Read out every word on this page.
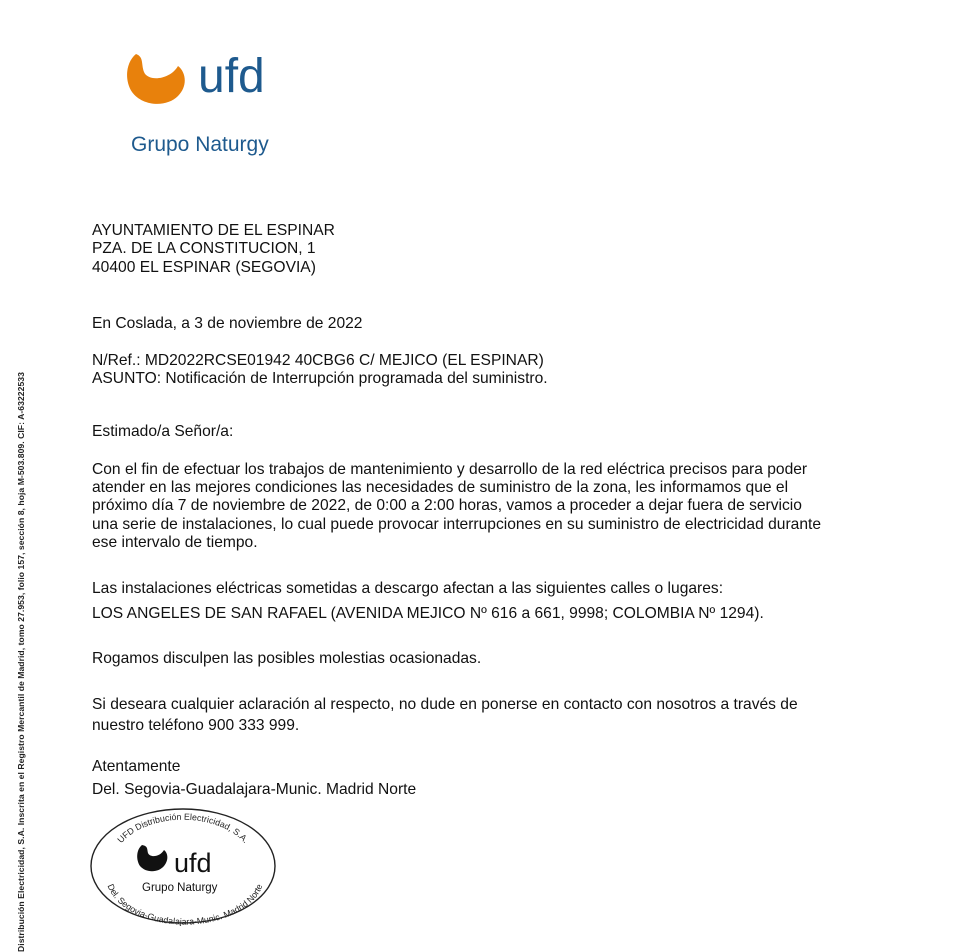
ufd
Grupo Naturgy
Distribución Electricidad, S.A. Inscrita en el Registro Mercantil de Madrid, tomo 27.953, folio 157, sección 8, hoja M-503.809. CIF: A-63222533
AYUNTAMIENTO DE EL ESPINAR
PZA. DE LA CONSTITUCION, 1
40400 EL ESPINAR (SEGOVIA)
En Coslada, a 3 de noviembre de 2022
N/Ref.: MD2022RCSE01942 40CBG6 C/ MEJICO (EL ESPINAR)
ASUNTO: Notificación de Interrupción programada del suministro.
Estimado/a Señor/a:
Con el fin de efectuar los trabajos de mantenimiento y desarrollo de la red eléctrica precisos para poder
atender en las mejores condiciones las necesidades de suministro de la zona, les informamos que el
próximo día 7 de noviembre de 2022, de 0:00 a 2:00 horas, vamos a proceder a dejar fuera de servicio
una serie de instalaciones, lo cual puede provocar interrupciones en su suministro de electricidad durante
ese intervalo de tiempo.
Las instalaciones eléctricas sometidas a descargo afectan a las siguientes calles o lugares:
LOS ANGELES DE SAN RAFAEL (AVENIDA MEJICO Nº 616 a 661, 9998; COLOMBIA Nº 1294).
Rogamos disculpen las posibles molestias ocasionadas.
Si deseara cualquier aclaración al respecto, no dude en ponerse en contacto con nosotros a través de
nuestro teléfono 900 333 999.
Atentamente
Del. Segovia-Guadalajara-Munic. Madrid Norte
UFD Distribución Electricidad, S.A.
Del. Segovia-Guadalajara-Munic. Madrid Norte
ufd
Grupo Naturgy
